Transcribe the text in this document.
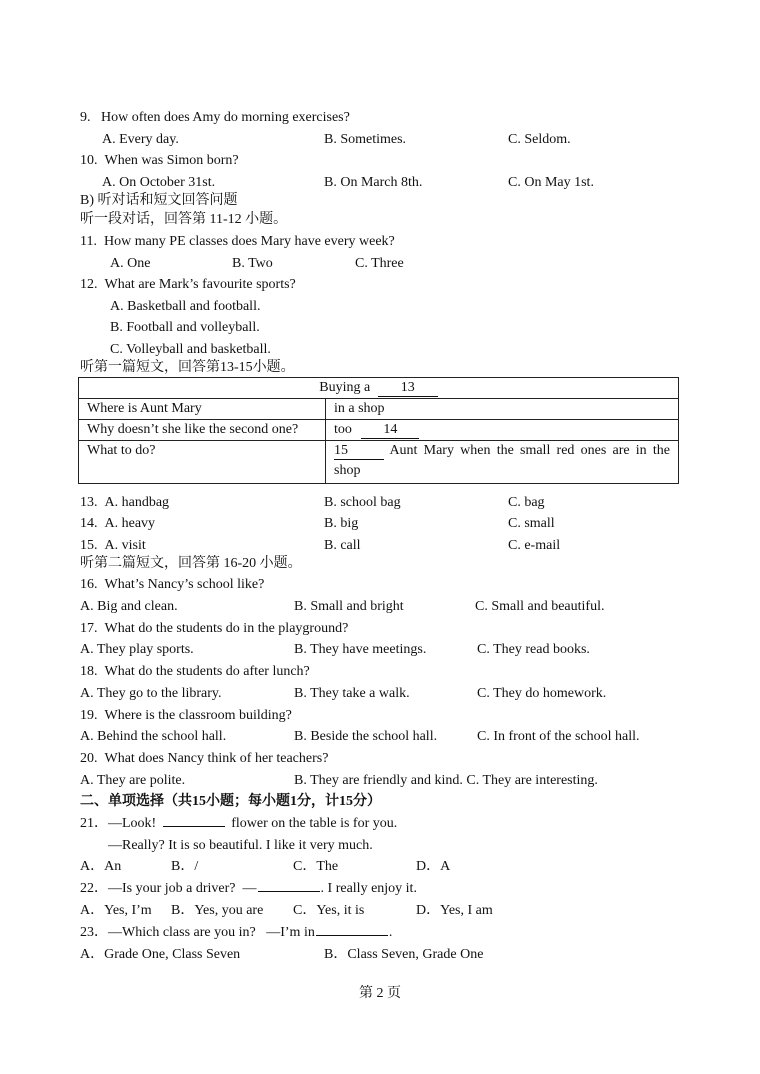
9.   How often does Amy do morning exercises?
A. Every day.	B. Sometimes.	C. Seldom.
10.  When was Simon born?
A. On October 31st.	B. On March 8th.	C. On May 1st.
B) 听对话和短文回答问题
听一段对话，回答第 11-12 小题。
11.  How many PE classes does Mary have every week?
A. One	B. Two	C. Three
12.  What are Mark’s favourite sports?
A. Basketball and football.
B. Football and volleyball.
C. Volleyball and basketball.
听第一篇短文，回答第13-15小题。
Buying a 13	
Where is Aunt Mary	in a shop
Why doesn’t she like the second one?	too 14
What to do?	15 Aunt Mary when the small red ones are in the shop
13.  A. handbag	B. school bag	C. bag
14.  A. heavy	B. big	C. small
15.  A. visit	B. call	C. e-mail
听第二篇短文，回答第 16-20 小题。
16.  What’s Nancy’s school like?
A. Big and clean.	B. Small and bright	C. Small and beautiful.
17.  What do the students do in the playground?
A. They play sports.	B. They have meetings.	C. They read books.
18.  What do the students do after lunch?
A. They go to the library.	B. They take a walk.	C. They do homework.
19.  Where is the classroom building?
A. Behind the school hall.	B. Beside the school hall.	C. In front of the school hall.
20.  What does Nancy think of her teachers?
A. They are polite.	B. They are friendly and kind. C. They are interesting.
二、单项选择（共15小题；每小题1分，计15分）
21．—Look!	flower on the table is for you.
—Really? It is so beautiful. I like it very much.
A．An	B．/	C．The	D．A
22．—Is your job a driver?  —	. I really enjoy it.
A．Yes, I’m B．Yes, you are C．Yes, it is	D．Yes, I am
23．—Which class are you in?   —I’m in	.
A．Grade One, Class Seven	B．Class Seven, Grade One
第 2 页
